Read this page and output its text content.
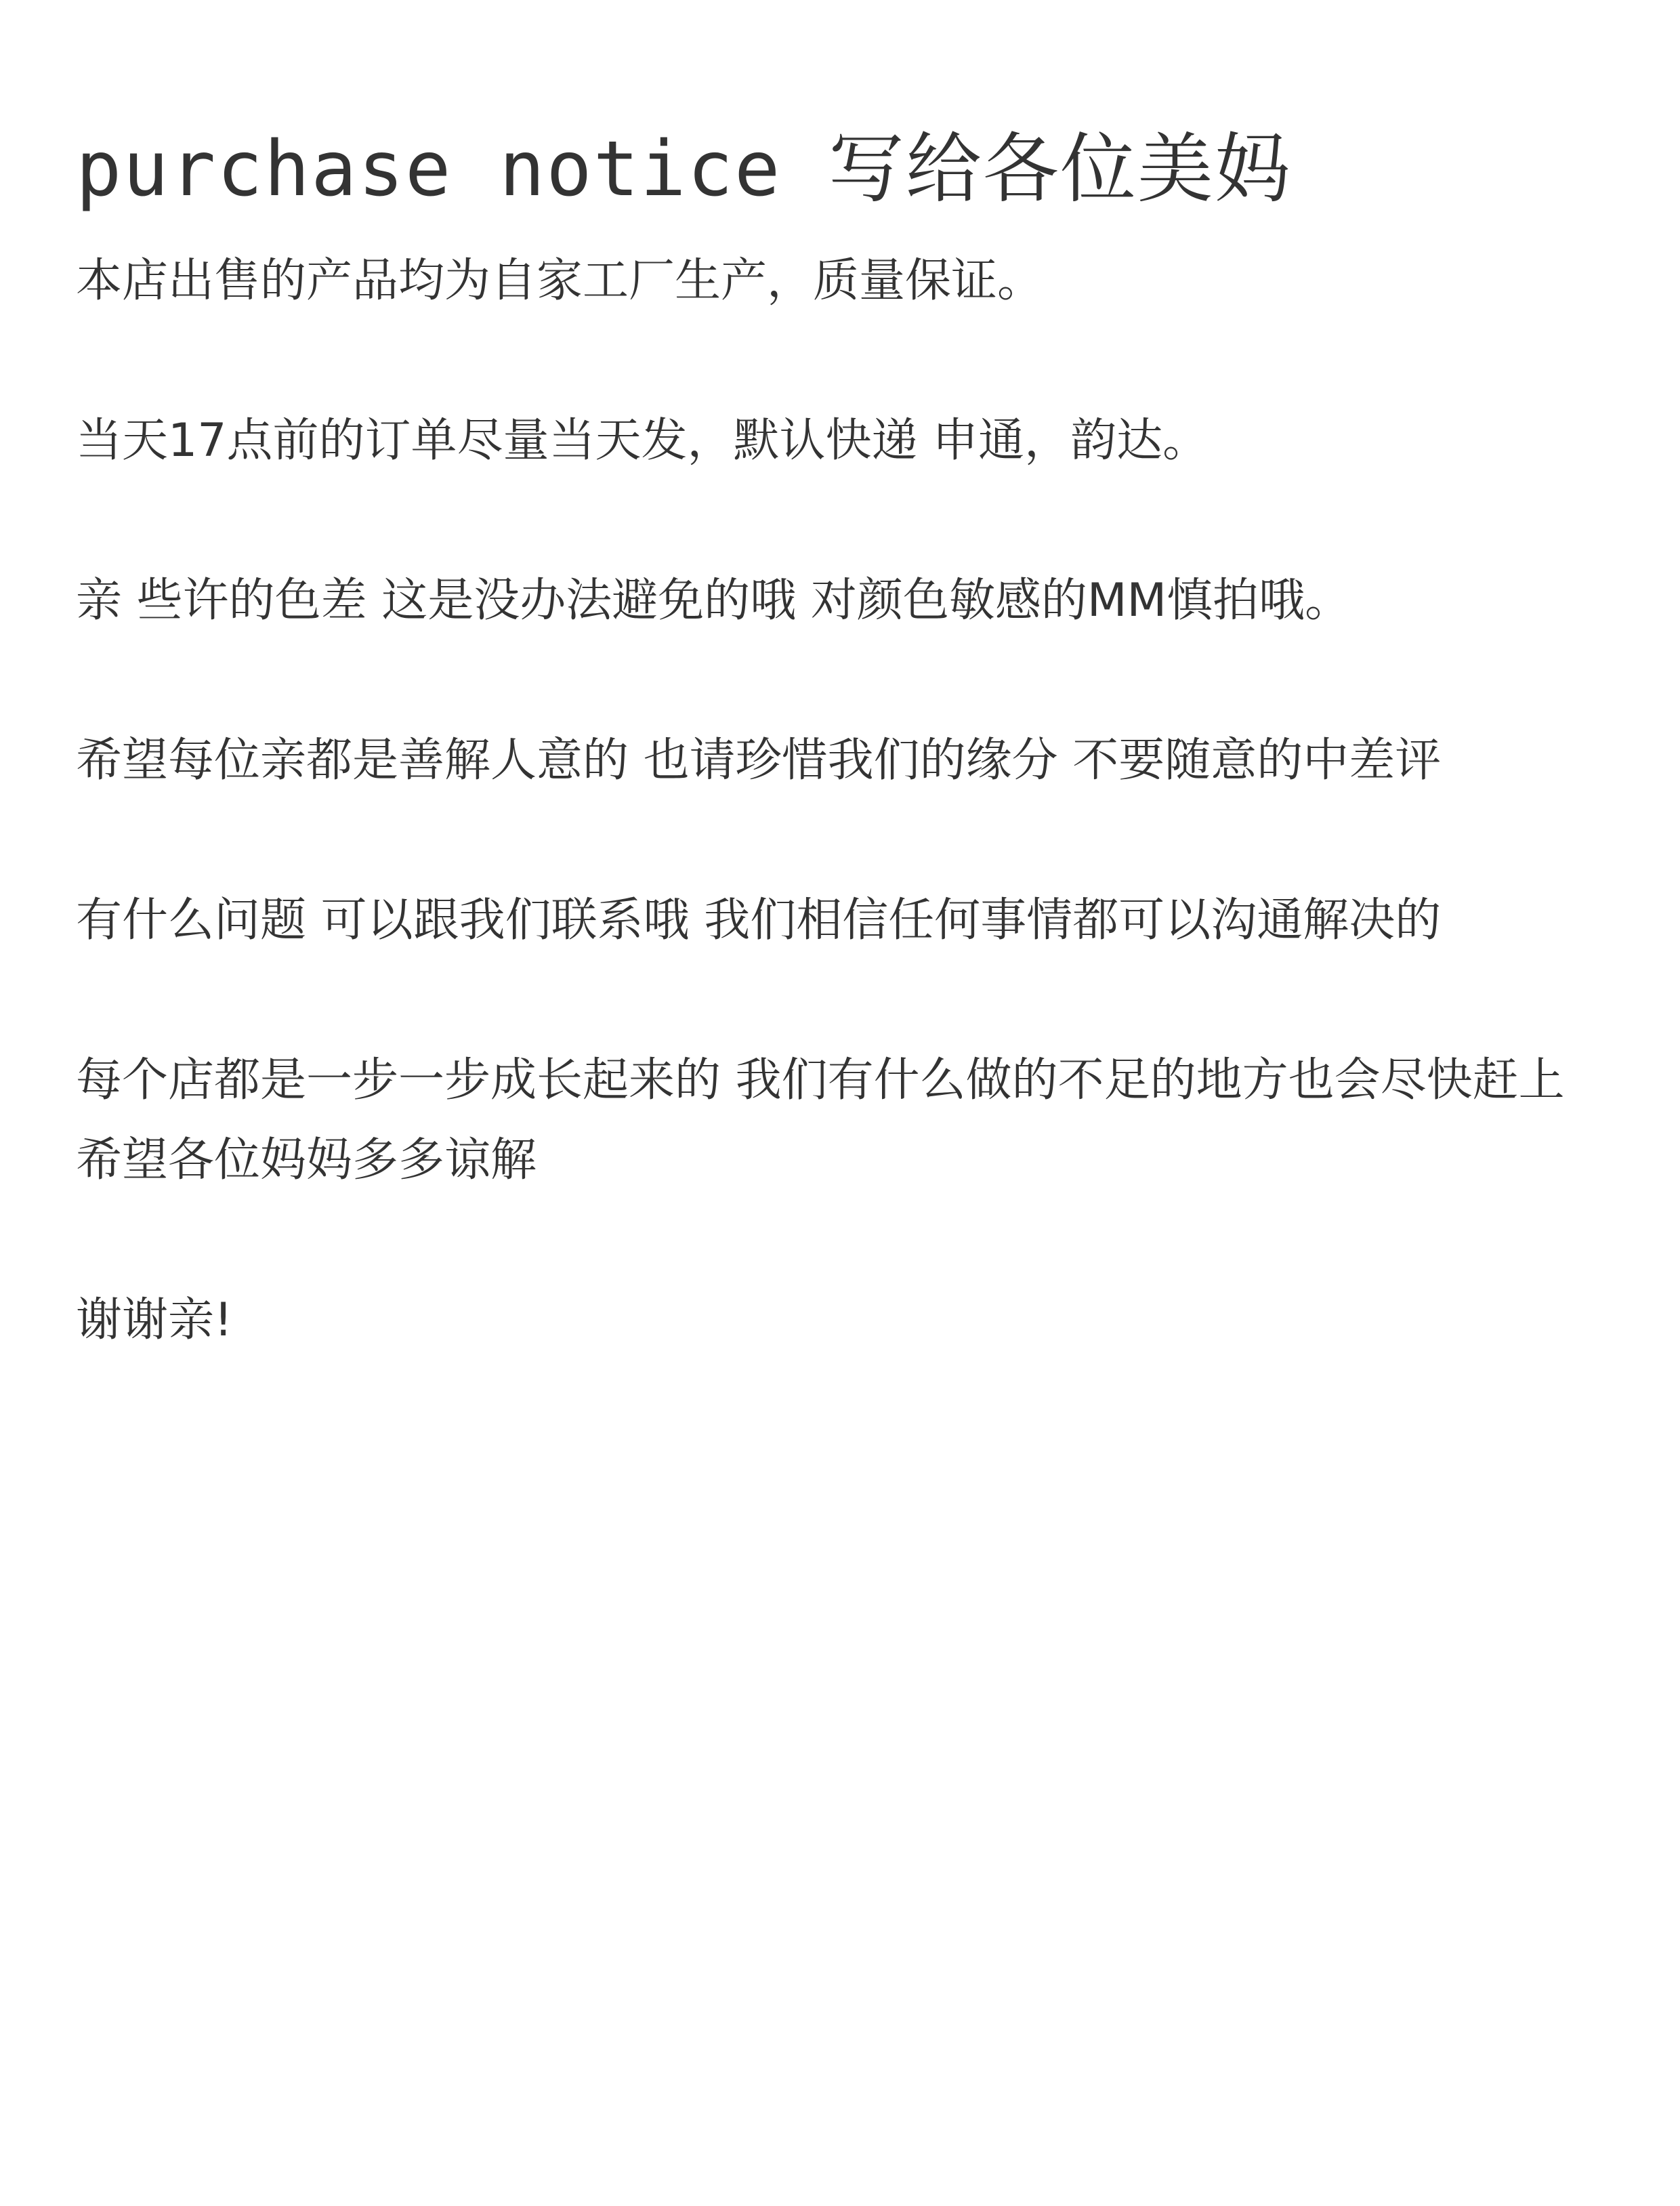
purchase notice 写给各位美妈

本店出售的产品均为自家工厂生产，质量保证。

当天17点前的订单尽量当天发，默认快递 申通，韵达。

亲 些许的色差 这是没办法避免的哦 对颜色敏感的MM慎拍哦。

希望每位亲都是善解人意的 也请珍惜我们的缘分 不要随意的中差评

有什么问题 可以跟我们联系哦 我们相信任何事情都可以沟通解决的

每个店都是一步一步成长起来的 我们有什么做的不足的地方也会尽快赶上 希望各位妈妈多多谅解

谢谢亲!
